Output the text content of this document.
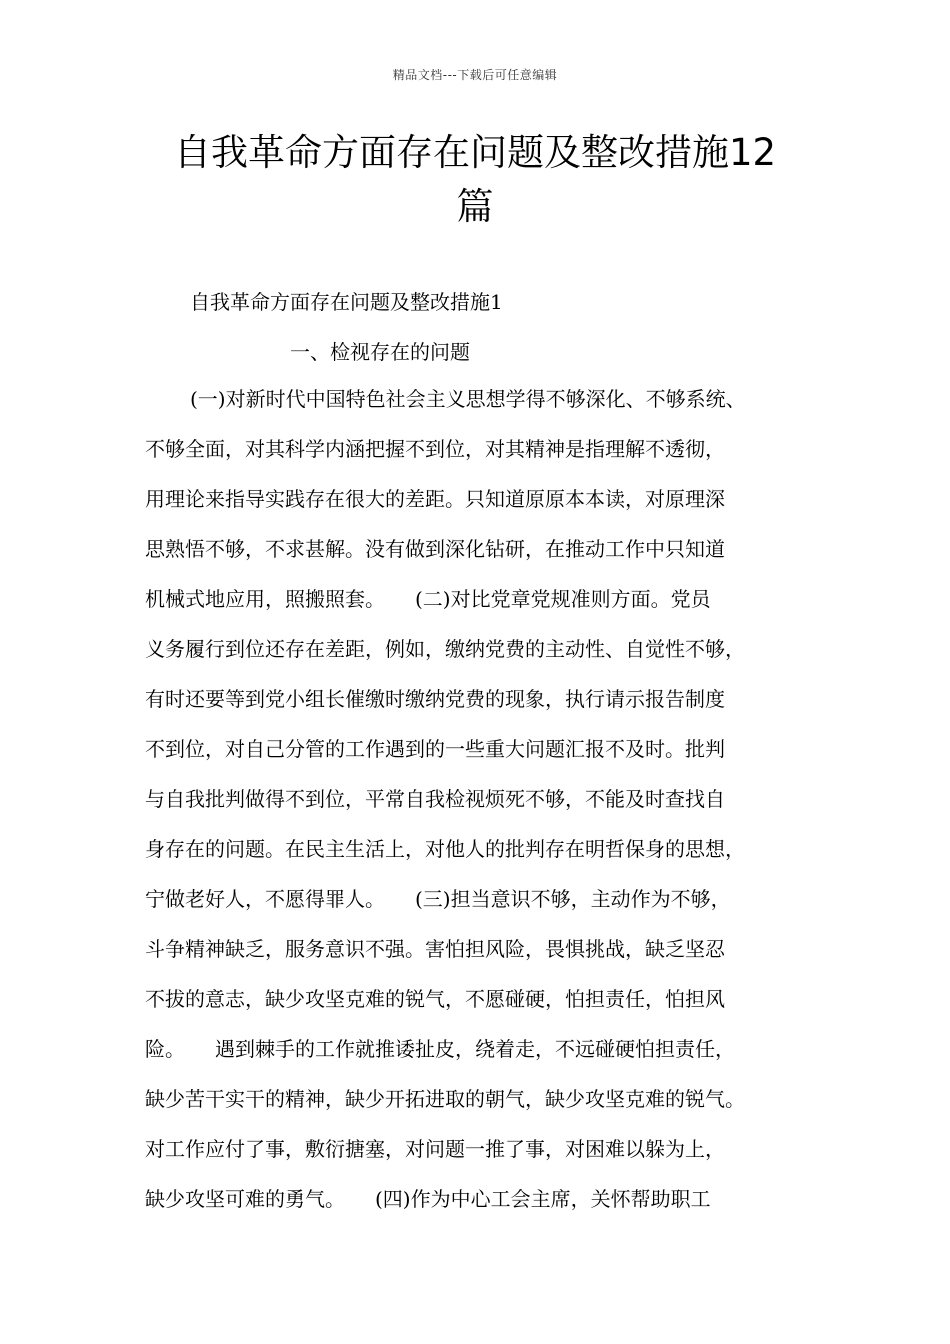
精品文档---下载后可任意编辑
自我革命方面存在问题及整改措施12
篇
自我革命方面存在问题及整改措施1
一、检视存在的问题
(一)对新时代中国特色社会主义思想学得不够深化、不够系统、
不够全面，对其科学内涵把握不到位，对其精神是指理解不透彻，
用理论来指导实践存在很大的差距。只知道原原本本读，对原理深
思熟悟不够，不求甚解。没有做到深化钻研，在推动工作中只知道
机械式地应用，照搬照套。　　(二)对比党章党规准则方面。党员
义务履行到位还存在差距，例如，缴纳党费的主动性、自觉性不够，
有时还要等到党小组长催缴时缴纳党费的现象，执行请示报告制度
不到位，对自己分管的工作遇到的一些重大问题汇报不及时。批判
与自我批判做得不到位，平常自我检视烦死不够，不能及时查找自
身存在的问题。在民主生活上，对他人的批判存在明哲保身的思想，
宁做老好人，不愿得罪人。　　(三)担当意识不够，主动作为不够，
斗争精神缺乏，服务意识不强。害怕担风险，畏惧挑战，缺乏坚忍
不拔的意志，缺少攻坚克难的锐气，不愿碰硬，怕担责任，怕担风
险。　　遇到棘手的工作就推诿扯皮，绕着走，不远碰硬怕担责任，
缺少苦干实干的精神，缺少开拓进取的朝气，缺少攻坚克难的锐气。
对工作应付了事，敷衍搪塞，对问题一推了事，对困难以躲为上，
缺少攻坚可难的勇气。　　(四)作为中心工会主席，关怀帮助职工
